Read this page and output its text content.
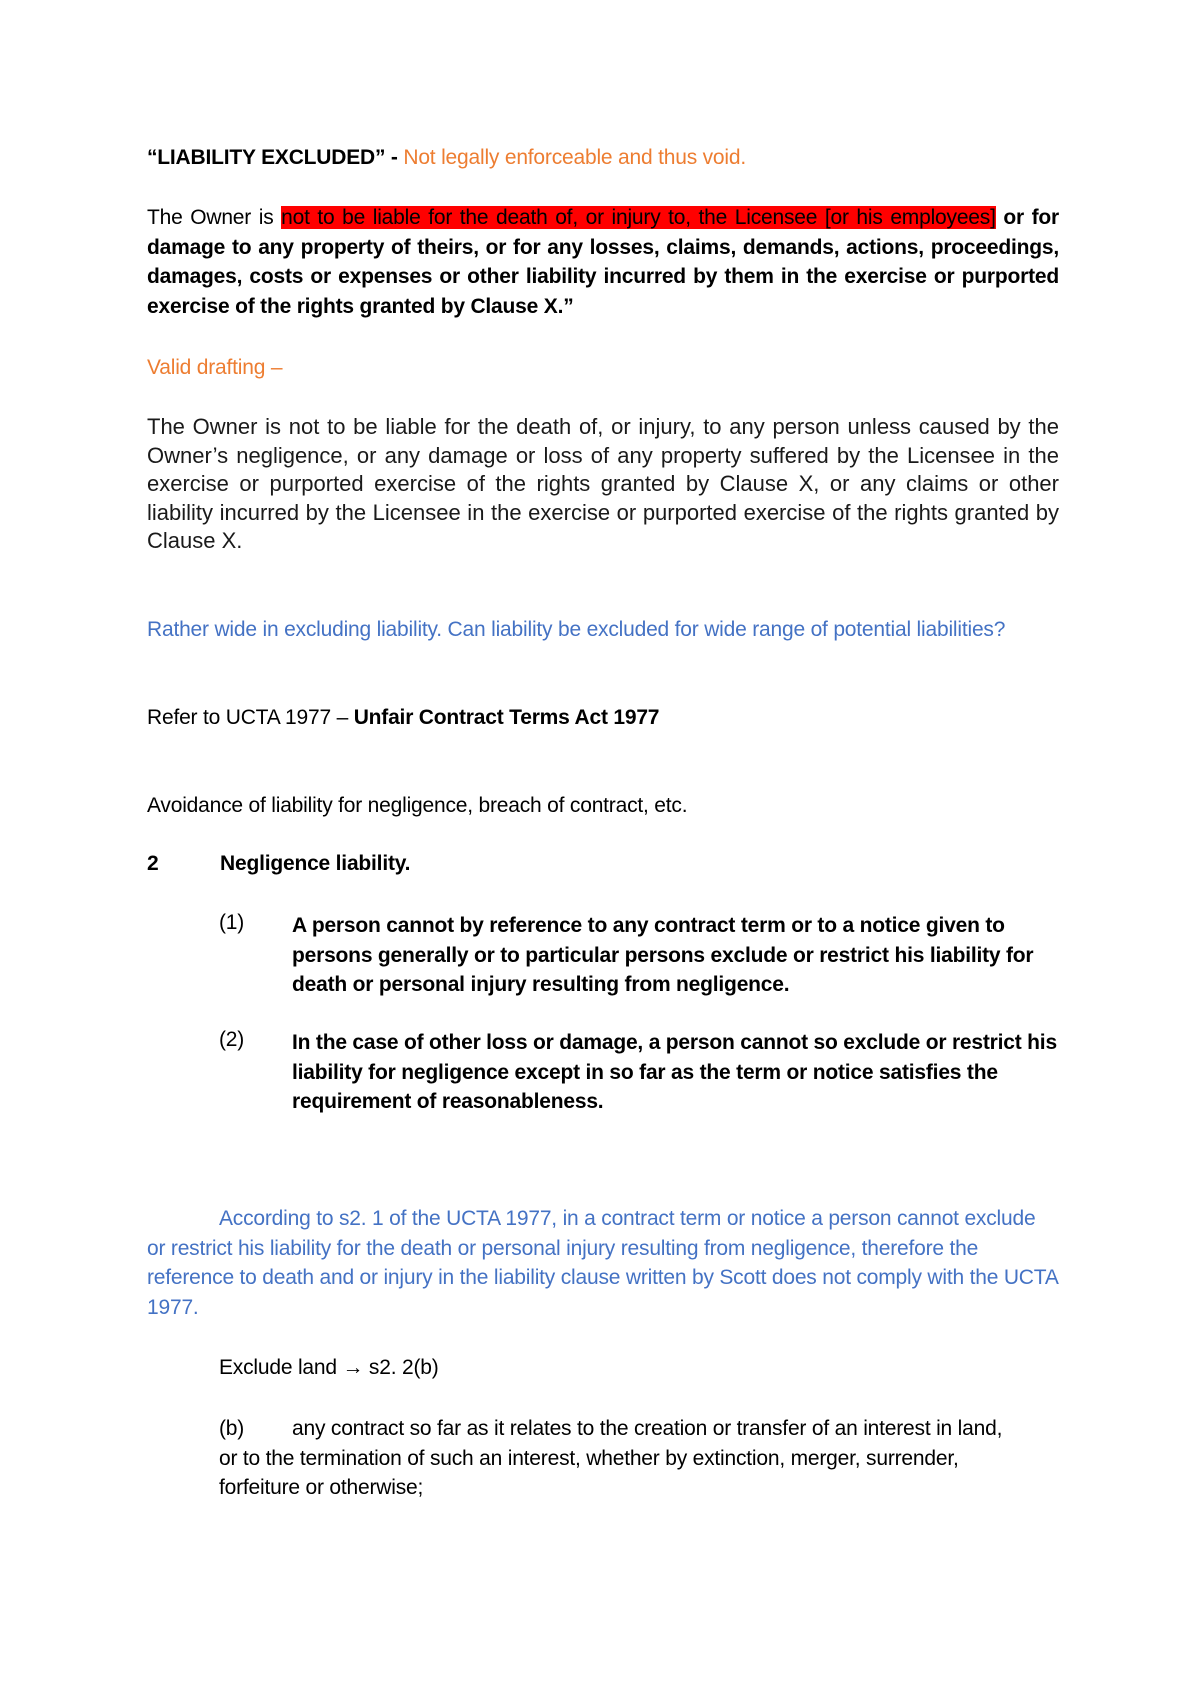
“LIABILITY EXCLUDED” - Not legally enforceable and thus void.

The Owner is not to be liable for the death of, or injury to, the Licensee [or his employees] or for damage to any property of theirs, or for any losses, claims, demands, actions, proceedings, damages, costs or expenses or other liability incurred by them in the exercise or purported exercise of the rights granted by Clause X.”

Valid drafting –

The Owner is not to be liable for the death of, or injury, to any person unless caused by the Owner’s negligence, or any damage or loss of any property suffered by the Licensee in the exercise or purported exercise of the rights granted by Clause X, or any claims or other liability incurred by the Licensee in the exercise or purported exercise of the rights granted by Clause X.

Rather wide in excluding liability. Can liability be excluded for wide range of potential liabilities?

Refer to UCTA 1977 – Unfair Contract Terms Act 1977

Avoidance of liability for negligence, breach of contract, etc.

2	Negligence liability.

(1) A person cannot by reference to any contract term or to a notice given to persons generally or to particular persons exclude or restrict his liability for death or personal injury resulting from negligence.
(2) In the case of other loss or damage, a person cannot so exclude or restrict his liability for negligence except in so far as the term or notice satisfies the requirement of reasonableness.

According to s2. 1 of the UCTA 1977, in a contract term or notice a person cannot exclude or restrict his liability for the death or personal injury resulting from negligence, therefore the reference to death and or injury in the liability clause written by Scott does not comply with the UCTA 1977.

Exclude land → s2. 2(b)

(b) any contract so far as it relates to the creation or transfer of an interest in land, or to the termination of such an interest, whether by extinction, merger, surrender, forfeiture or otherwise;
